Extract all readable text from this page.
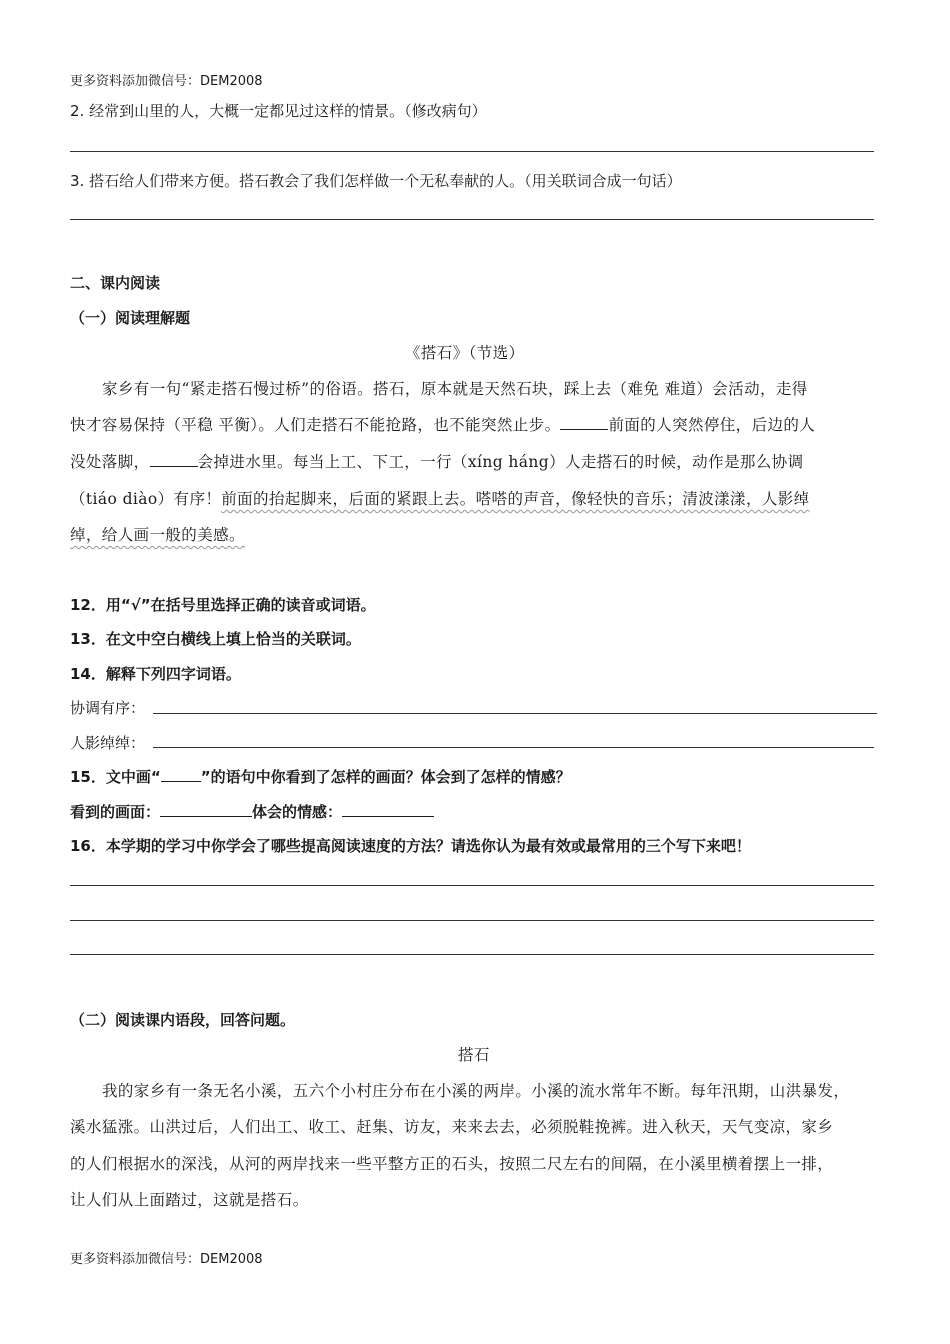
更多资料添加微信号：DEM2008
2. 经常到山里的人，大概一定都见过这样的情景。（修改病句）
3. 搭石给人们带来方便。搭石教会了我们怎样做一个无私奉献的人。（用关联词合成一句话）
二、课内阅读
（一）阅读理解题
《搭石》（节选）
家乡有一句“紧走搭石慢过桥”的俗语。搭石，原本就是天然石块，踩上去（难免 难道）会活动，走得
快才容易保持（平稳 平衡）。人们走搭石不能抢路，也不能突然止步。	前面的人突然停住，后边的人
没处落脚，	会掉进水里。每当上工、下工，一行（xíng háng）人走搭石的时候，动作是那么协调
（tiáo diào）有序！前面的抬起脚来，后面的紧跟上去。嗒嗒的声音，像轻快的音乐；清波漾漾，人影绰
绰，给人画一般的美感。
12．用“√”在括号里选择正确的读音或词语。
13．在文中空白横线上填上恰当的关联词。
14．解释下列四字词语。
协调有序：
人影绰绰：
15．文中画“	”的语句中你看到了怎样的画面？体会到了怎样的情感？
看到的画面：	体会的情感：
16．本学期的学习中你学会了哪些提高阅读速度的方法？请选你认为最有效或最常用的三个写下来吧！
（二）阅读课内语段，回答问题。
搭石
我的家乡有一条无名小溪，五六个小村庄分布在小溪的两岸。小溪的流水常年不断。每年汛期，山洪暴发，
溪水猛涨。山洪过后，人们出工、收工、赶集、访友，来来去去，必须脱鞋挽裤。进入秋天，天气变凉，家乡
的人们根据水的深浅，从河的两岸找来一些平整方正的石头，按照二尺左右的间隔，在小溪里横着摆上一排，
让人们从上面踏过，这就是搭石。
更多资料添加微信号：DEM2008
